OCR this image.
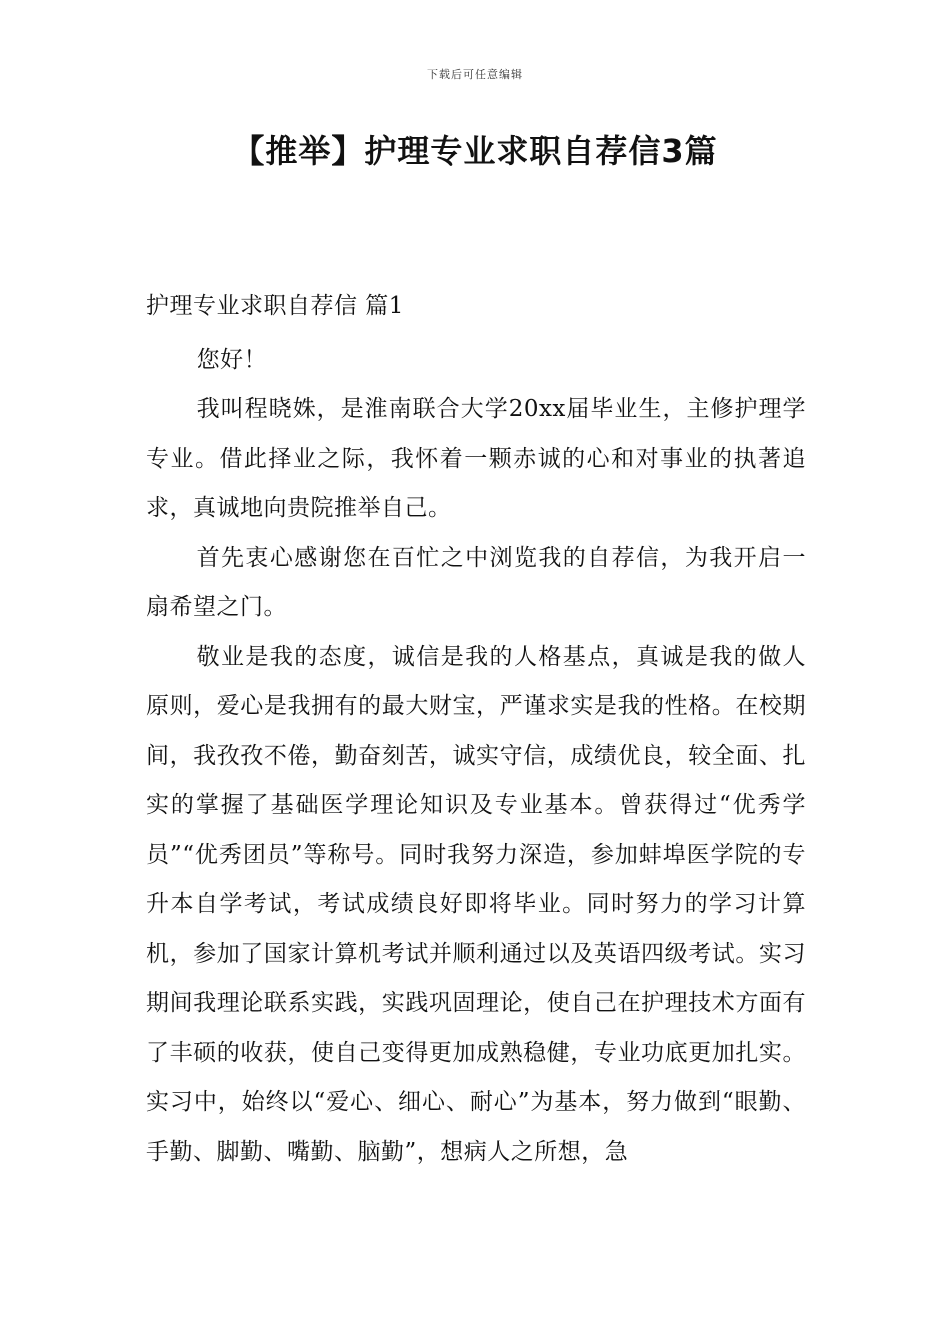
下载后可任意编辑
【推举】护理专业求职自荐信3篇

护理专业求职自荐信 篇1

您好！

我叫程晓姝，是淮南联合大学20xx届毕业生，主修护理学专业。借此择业之际，我怀着一颗赤诚的心和对事业的执著追求，真诚地向贵院推举自己。

首先衷心感谢您在百忙之中浏览我的自荐信，为我开启一扇希望之门。

敬业是我的态度，诚信是我的人格基点，真诚是我的做人原则，爱心是我拥有的最大财宝，严谨求实是我的性格。在校期间，我孜孜不倦，勤奋刻苦，诚实守信，成绩优良，较全面、扎实的掌握了基础医学理论知识及专业基本。曾获得过“优秀学员”“优秀团员”等称号。同时我努力深造，参加蚌埠医学院的专升本自学考试，考试成绩良好即将毕业。同时努力的学习计算机，参加了国家计算机考试并顺利通过以及英语四级考试。实习期间我理论联系实践，实践巩固理论，使自己在护理技术方面有了丰硕的收获，使自己变得更加成熟稳健，专业功底更加扎实。实习中，始终以“爱心、细心、耐心”为基本，努力做到“眼勤、手勤、脚勤、嘴勤、脑勤”，想病人之所想，急
